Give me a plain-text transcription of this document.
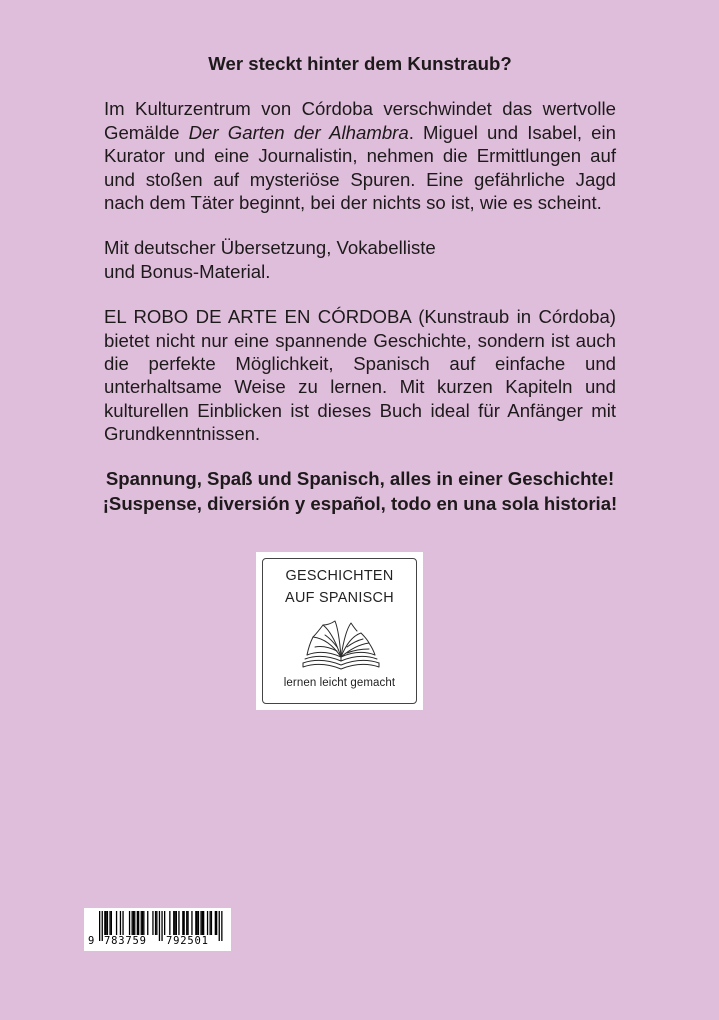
Wer steckt hinter dem Kunstraub?

Im Kulturzentrum von Córdoba verschwindet das wertvolle Gemälde Der Garten der Alhambra. Miguel und Isabel, ein Kurator und eine Journalistin, nehmen die Ermittlungen auf und stoßen auf mysteriöse Spuren. Eine gefährliche Jagd nach dem Täter beginnt, bei der nichts so ist, wie es scheint.

Mit deutscher Übersetzung, Vokabelliste
und Bonus-Material.

EL ROBO DE ARTE EN CÓRDOBA (Kunstraub in Córdoba) bietet nicht nur eine spannende Geschichte, sondern ist auch die perfekte Möglichkeit, Spanisch auf einfache und unterhaltsame Weise zu lernen. Mit kurzen Kapiteln und kulturellen Einblicken ist dieses Buch ideal für Anfänger mit Grundkenntnissen.

Spannung, Spaß und Spanisch, alles in einer Geschichte!
¡Suspense, diversión y español, todo en una sola historia!
GESCHICHTEN
AUF SPANISCH
lernen leicht gemacht
9 783759 792501
